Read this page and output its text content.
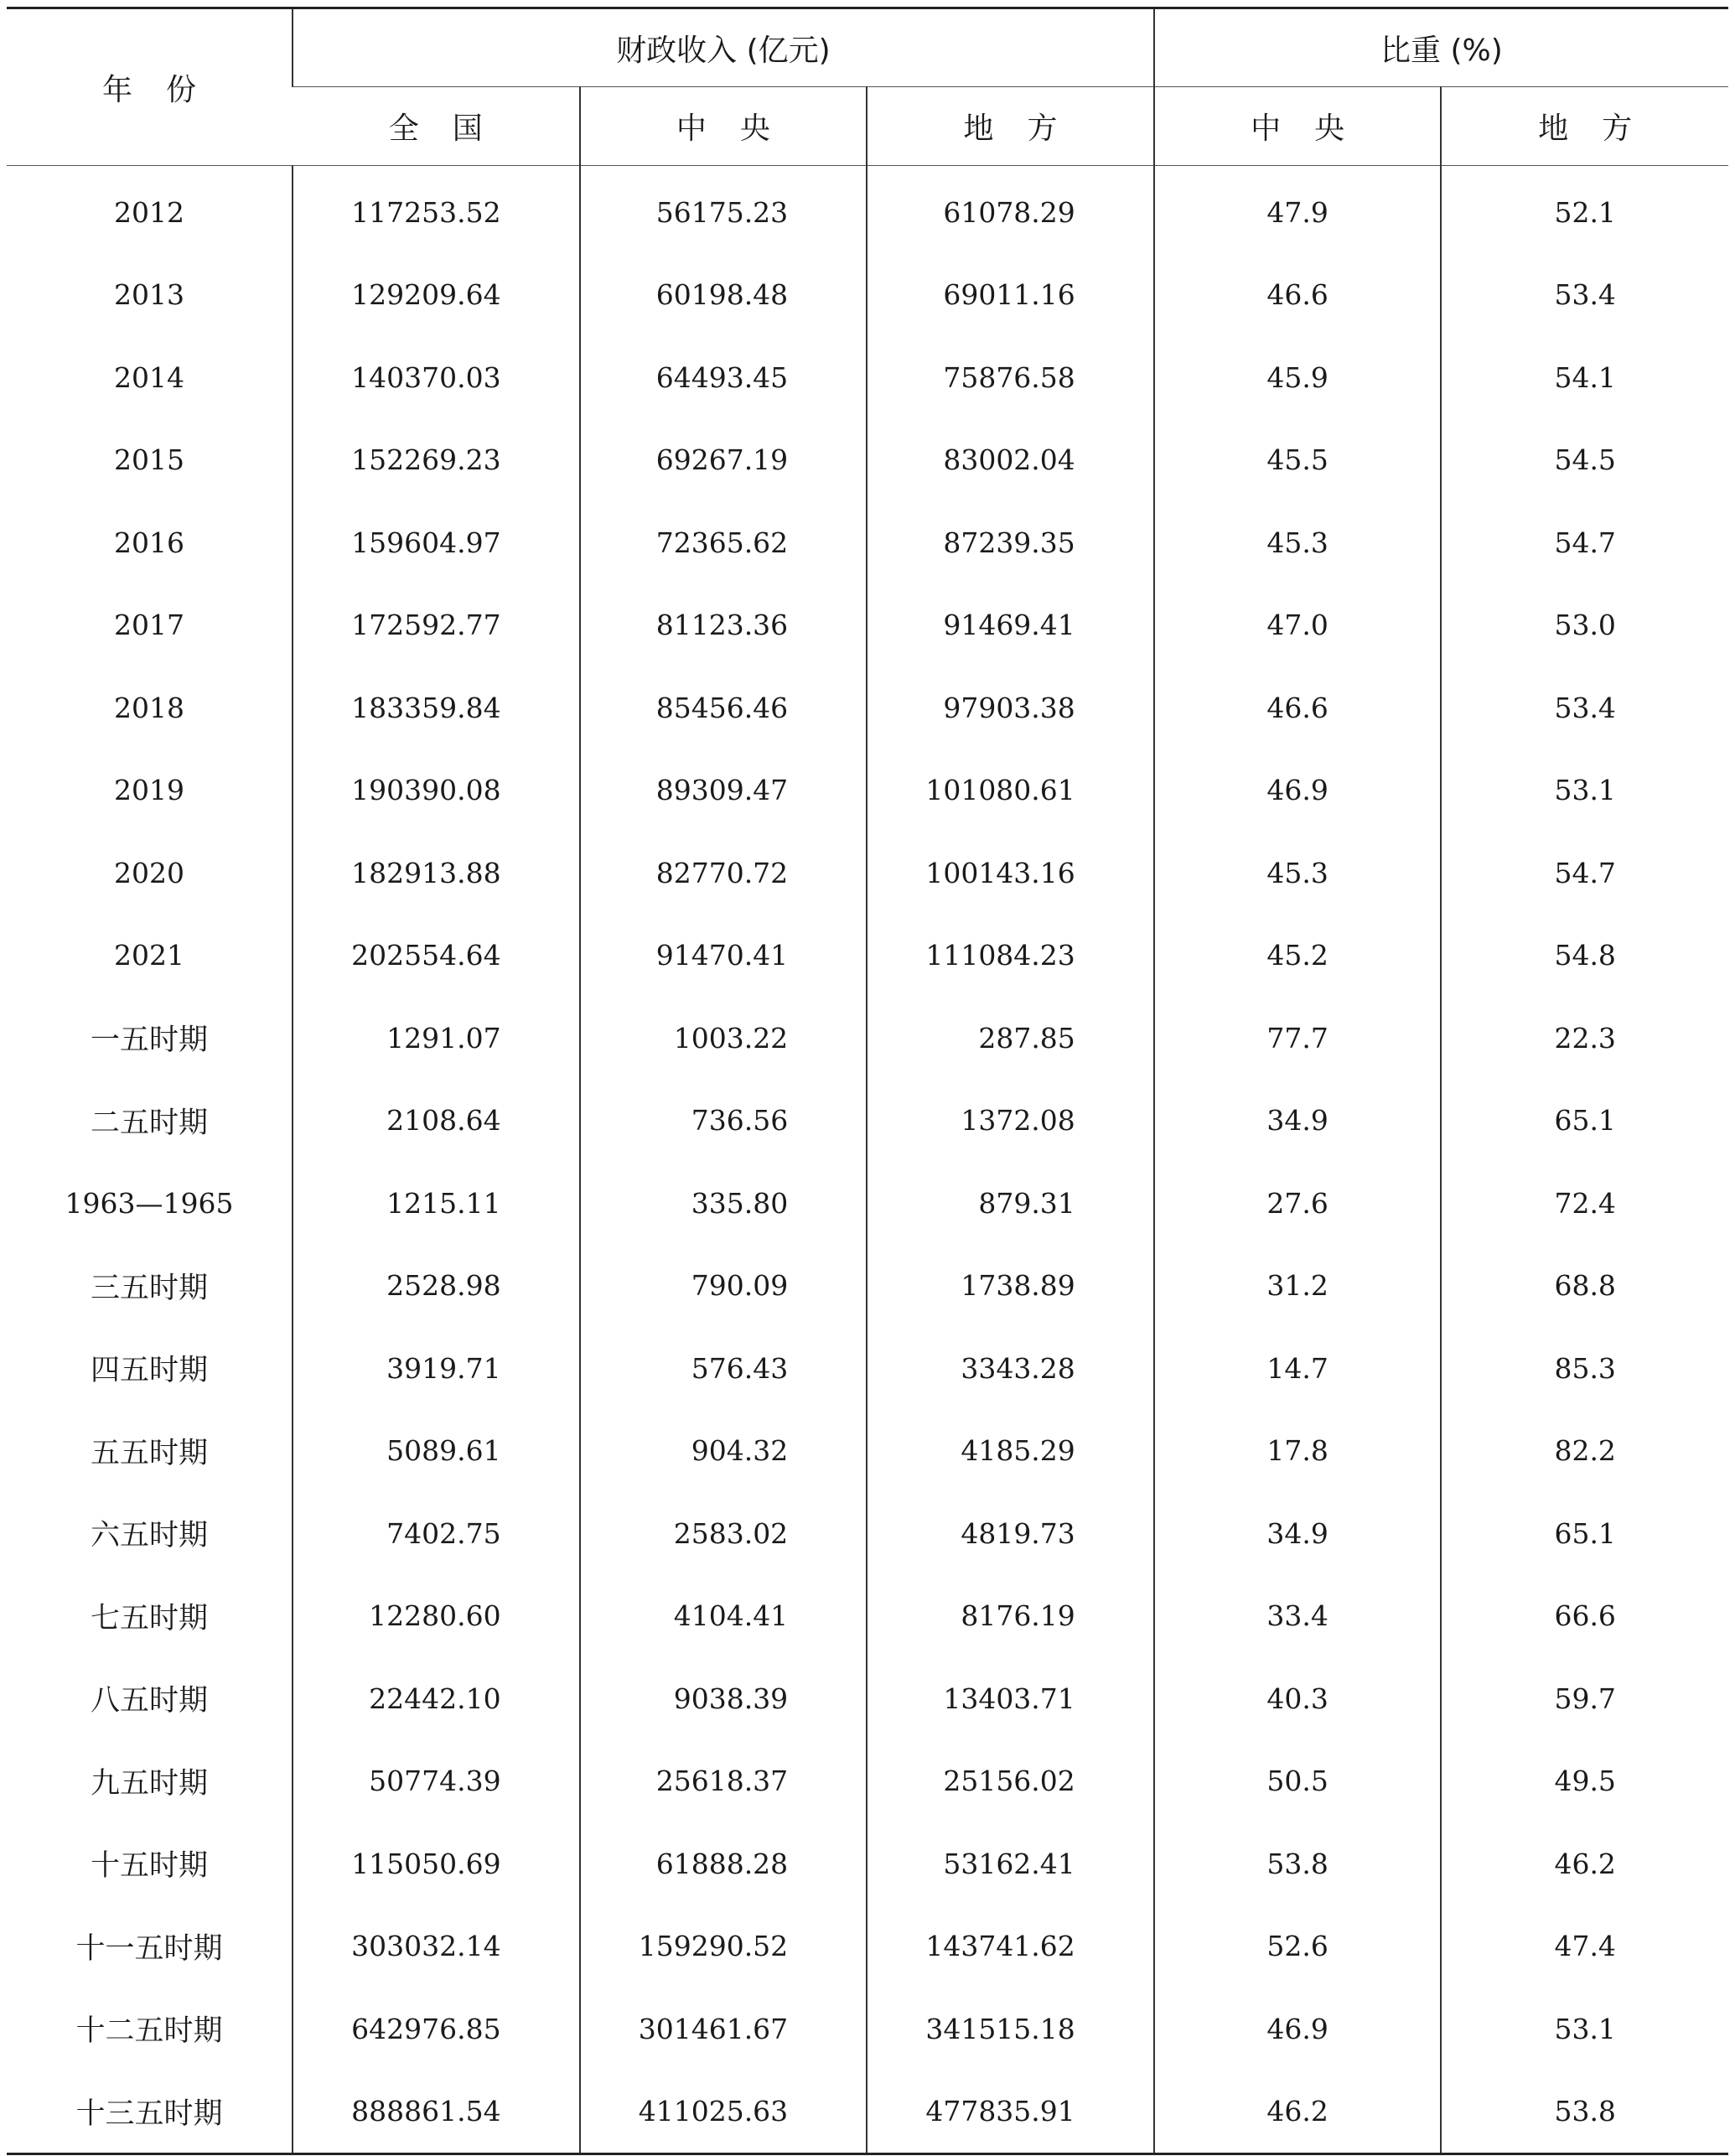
年份	财政收入 (亿元)			比重 (%)	
	全国	中央	地方	中央	地方
2012	117253.52	56175.23	61078.29	47.9	52.1
2013	129209.64	60198.48	69011.16	46.6	53.4
2014	140370.03	64493.45	75876.58	45.9	54.1
2015	152269.23	69267.19	83002.04	45.5	54.5
2016	159604.97	72365.62	87239.35	45.3	54.7
2017	172592.77	81123.36	91469.41	47.0	53.0
2018	183359.84	85456.46	97903.38	46.6	53.4
2019	190390.08	89309.47	101080.61	46.9	53.1
2020	182913.88	82770.72	100143.16	45.3	54.7
2021	202554.64	91470.41	111084.23	45.2	54.8
一五时期	1291.07	1003.22	287.85	77.7	22.3
二五时期	2108.64	736.56	1372.08	34.9	65.1
1963—1965	1215.11	335.80	879.31	27.6	72.4
三五时期	2528.98	790.09	1738.89	31.2	68.8
四五时期	3919.71	576.43	3343.28	14.7	85.3
五五时期	5089.61	904.32	4185.29	17.8	82.2
六五时期	7402.75	2583.02	4819.73	34.9	65.1
七五时期	12280.60	4104.41	8176.19	33.4	66.6
八五时期	22442.10	9038.39	13403.71	40.3	59.7
九五时期	50774.39	25618.37	25156.02	50.5	49.5
十五时期	115050.69	61888.28	53162.41	53.8	46.2
十一五时期	303032.14	159290.52	143741.62	52.6	47.4
十二五时期	642976.85	301461.67	341515.18	46.9	53.1
十三五时期	888861.54	411025.63	477835.91	46.2	53.8
